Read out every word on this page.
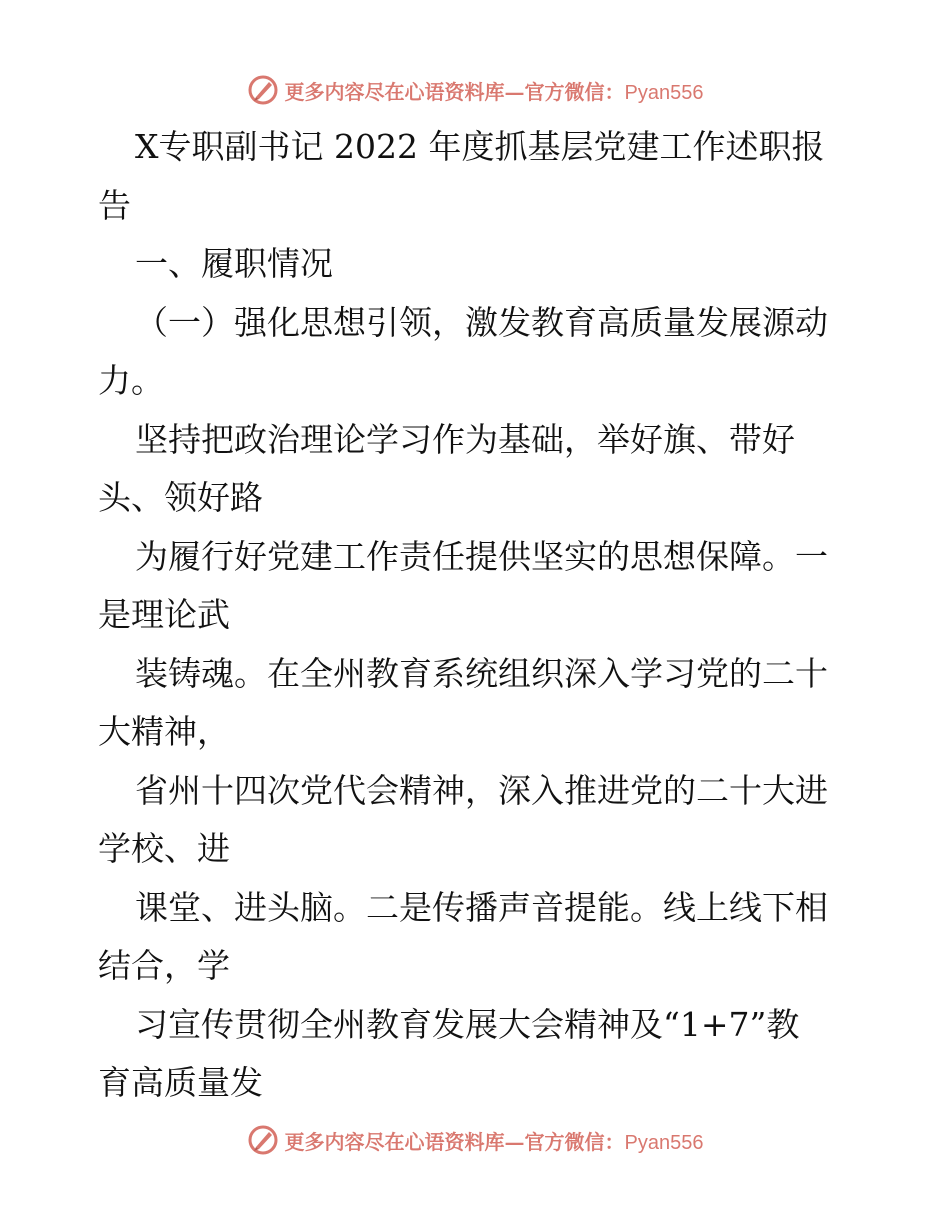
更多内容尽在心语资料库—官方微信：Pyan556
X专职副书记 2022 年度抓基层党建工作述职报
告
一、履职情况
（一）强化思想引领，激发教育高质量发展源动
力。
坚持把政治理论学习作为基础，举好旗、带好
头、领好路
为履行好党建工作责任提供坚实的思想保障。一
是理论武
装铸魂。在全州教育系统组织深入学习党的二十
大精神，
省州十四次党代会精神，深入推进党的二十大进
学校、进
课堂、进头脑。二是传播声音提能。线上线下相
结合，学
习宣传贯彻全州教育发展大会精神及“1+7”教
育高质量发
更多内容尽在心语资料库—官方微信：Pyan556
